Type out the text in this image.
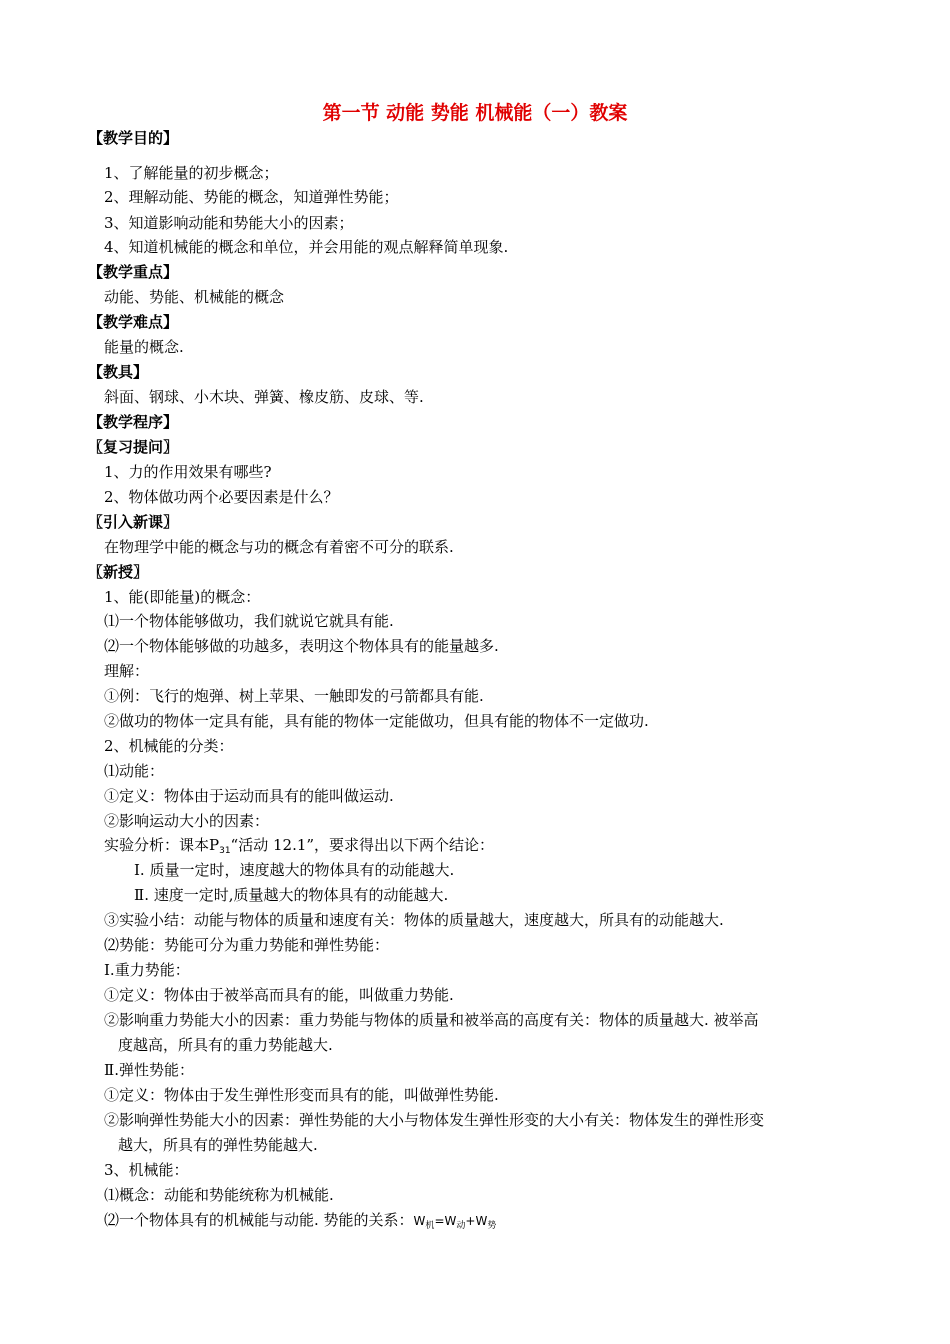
第一节 动能 势能 机械能（一）教案
【教学目的】
1、了解能量的初步概念；
2、理解动能、势能的概念，知道弹性势能；
3、知道影响动能和势能大小的因素；
4、知道机械能的概念和单位，并会用能的观点解释简单现象.
【教学重点】
动能、势能、机械能的概念
【教学难点】
能量的概念.
【教具】
斜面、钢球、小木块、弹簧、橡皮筋、皮球、等.
【教学程序】
〖复习提问〗
1、力的作用效果有哪些?
2、物体做功两个必要因素是什么？
〖引入新课〗
在物理学中能的概念与功的概念有着密不可分的联系.
〖新授〗
1、能(即能量)的概念：
⑴一个物体能够做功，我们就说它就具有能.
⑵一个物体能够做的功越多，表明这个物体具有的能量越多.
理解：
①例：飞行的炮弹、树上苹果、一触即发的弓箭都具有能.
②做功的物体一定具有能，具有能的物体一定能做功，但具有能的物体不一定做功.
2、机械能的分类：
⑴动能：
①定义：物体由于运动而具有的能叫做运动.
②影响运动大小的因素：
实验分析：课本$P_{31}“$活动 12.1”，要求得出以下两个结论：
Ⅰ. 质量一定时，速度越大的物体具有的动能越大.
Ⅱ. 速度一定时,质量越大的物体具有的动能越大.
③实验小结：动能与物体的质量和速度有关：物体的质量越大，速度越大，所具有的动能越大.
⑵势能：势能可分为重力势能和弹性势能：
Ⅰ.重力势能：
①定义：物体由于被举高而具有的能，叫做重力势能.
②影响重力势能大小的因素：重力势能与物体的质量和被举高的高度有关：物体的质量越大. 被举高
度越高，所具有的重力势能越大.
Ⅱ.弹性势能：
①定义：物体由于发生弹性形变而具有的能，叫做弹性势能.
②影响弹性势能大小的因素：弹性势能的大小与物体发生弹性形变的大小有关：物体发生的弹性形变
越大，所具有的弹性势能越大.
3、机械能：
⑴概念：动能和势能统称为机械能.
⑵一个物体具有的机械能与动能. 势能的关系：$W_机=W_动+W_势$
